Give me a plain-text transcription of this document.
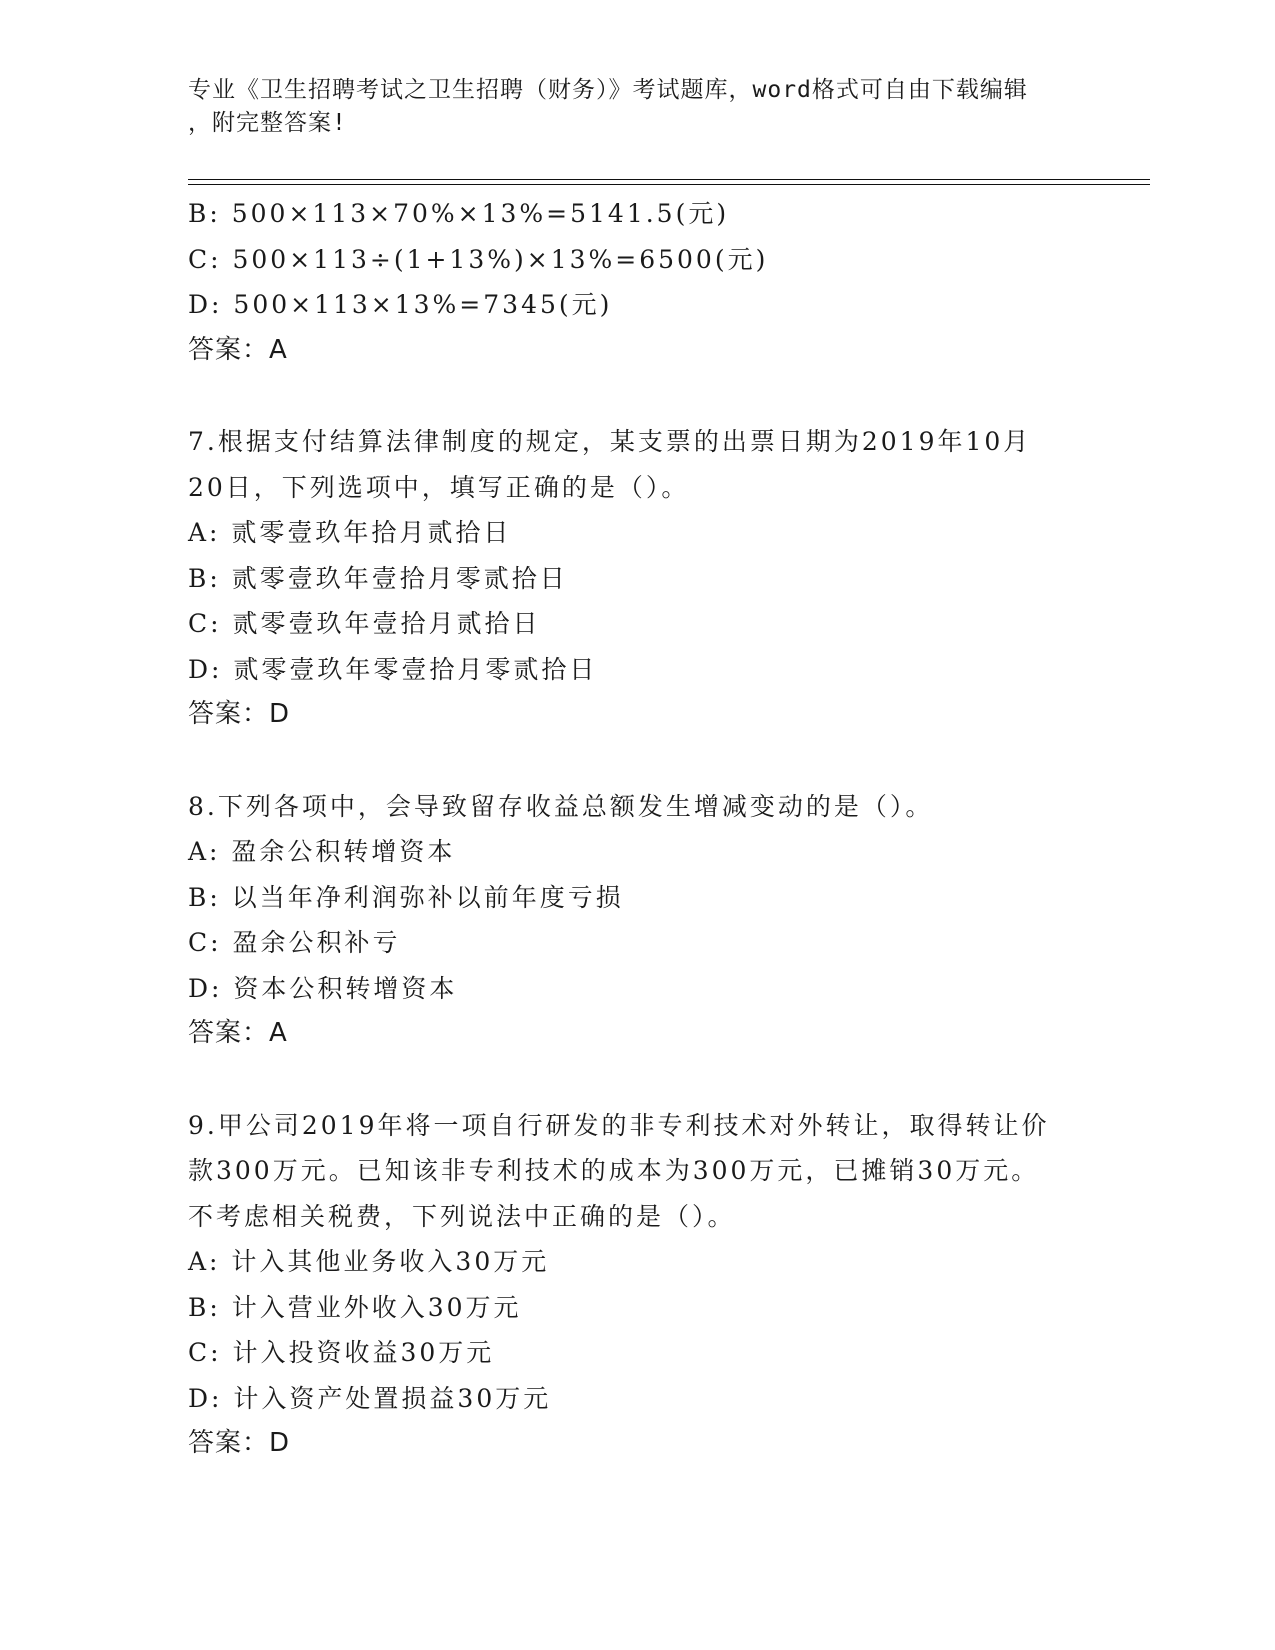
专业《卫生招聘考试之卫生招聘（财务）》考试题库，word格式可自由下载编辑
，附完整答案!
B: 500×113×70%×13%=5141.5(元)
C: 500×113÷(1+13%)×13%=6500(元)
D: 500×113×13%=7345(元)
答案：A
7.根据支付结算法律制度的规定，某支票的出票日期为2019年10月
20日，下列选项中，填写正确的是（）。
A: 贰零壹玖年拾月贰拾日
B: 贰零壹玖年壹拾月零贰拾日
C: 贰零壹玖年壹拾月贰拾日
D: 贰零壹玖年零壹拾月零贰拾日
答案：D
8.下列各项中，会导致留存收益总额发生增减变动的是（）。
A: 盈余公积转增资本
B: 以当年净利润弥补以前年度亏损
C: 盈余公积补亏
D: 资本公积转增资本
答案：A
9.甲公司2019年将一项自行研发的非专利技术对外转让，取得转让价
款300万元。已知该非专利技术的成本为300万元，已摊销30万元。
不考虑相关税费，下列说法中正确的是（）。
A: 计入其他业务收入30万元
B: 计入营业外收入30万元
C: 计入投资收益30万元
D: 计入资产处置损益30万元
答案：D
